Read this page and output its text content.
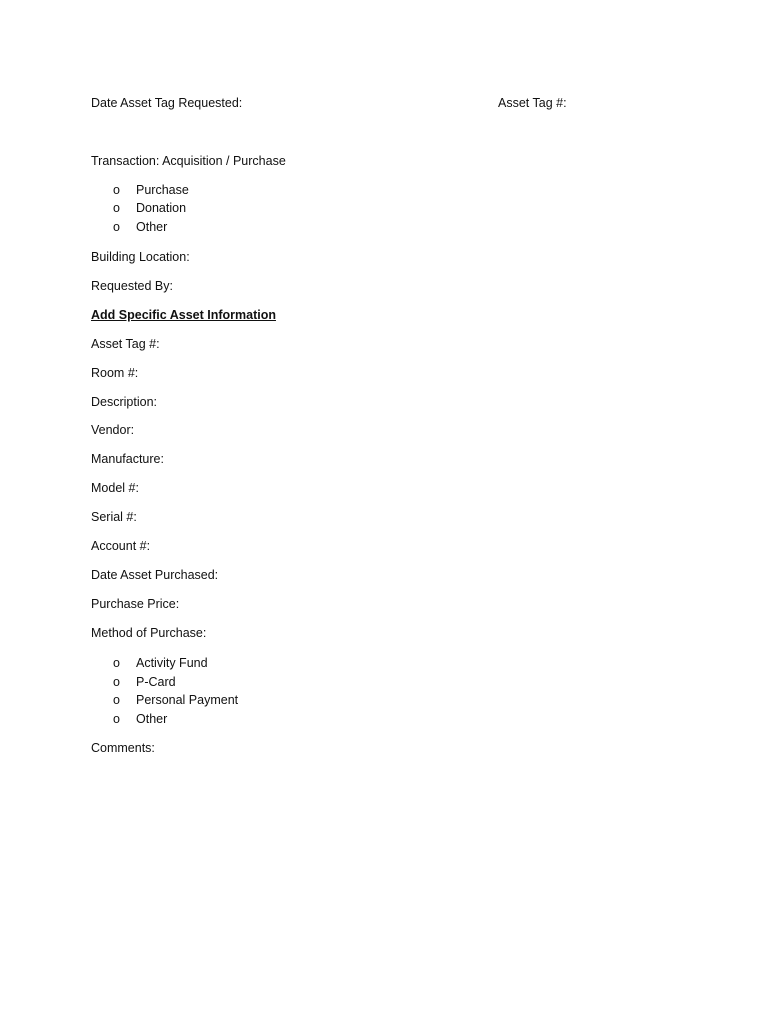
Date Asset Tag Requested:	Asset Tag #:
Transaction: Acquisition / Purchase
o Purchase
o Donation
o Other
Building Location:
Requested By:
Add Specific Asset Information
Asset Tag #:
Room #:
Description:
Vendor:
Manufacture:
Model #:
Serial #:
Account #:
Date Asset Purchased:
Purchase Price:
Method of Purchase:
o Activity Fund
o P-Card
o Personal Payment
o Other
Comments:
